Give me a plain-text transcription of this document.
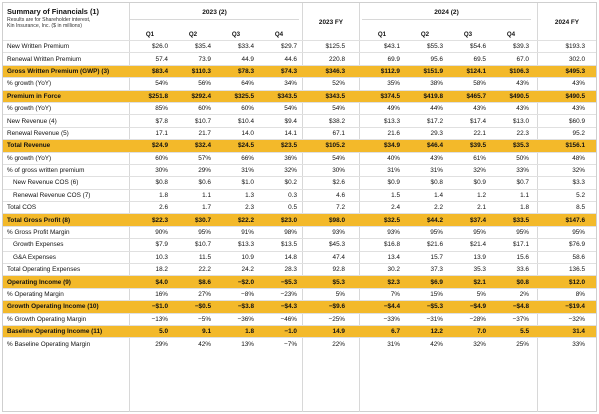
Summary of Financials (1)
Results are for Shareholder interest,
Kin Insurance, Inc. ($ in millions)
2023 (2)	2024 (2)
2023 FY	2024 FY
Q1	Q2	Q3	Q4	Q1	Q2	Q3	Q4
New Written Premium	$26.0	$35.4	$33.4	$29.7	$125.5	$43.1	$55.3	$54.6	$39.3	$193.3
Renewal Written Premium	57.4	73.9	44.9	44.6	220.8	69.9	95.6	69.5	67.0	302.0
Gross Written Premium (GWP) (3)	$83.4	$110.3	$78.3	$74.3	$346.3	$112.9	$151.9	$124.1	$106.3	$495.3
% growth (YoY)	54%	56%	64%	34%	52%	35%	38%	58%	43%	43%
Premium in Force	$251.8	$292.4	$325.5	$343.5	$343.5	$374.5	$419.8	$465.7	$490.5	$490.5
% growth (YoY)	85%	60%	60%	54%	54%	49%	44%	43%	43%	43%
New Revenue (4)	$7.8	$10.7	$10.4	$9.4	$38.2	$13.3	$17.2	$17.4	$13.0	$60.9
Renewal Revenue (5)	17.1	21.7	14.0	14.1	67.1	21.6	29.3	22.1	22.3	95.2
Total Revenue	$24.9	$32.4	$24.5	$23.5	$105.2	$34.9	$46.4	$39.5	$35.3	$156.1
% growth (YoY)	60%	57%	66%	36%	54%	40%	43%	61%	50%	48%
% of gross written premium	30%	29%	31%	32%	30%	31%	31%	32%	33%	32%
New Revenue COS (6)	$0.8	$0.6	$1.0	$0.2	$2.6	$0.9	$0.8	$0.9	$0.7	$3.3
Renewal Revenue COS (7)	1.8	1.1	1.3	0.3	4.6	1.5	1.4	1.2	1.1	5.2
Total COS	2.6	1.7	2.3	0.5	7.2	2.4	2.2	2.1	1.8	8.5
Total Gross Profit (8)	$22.3	$30.7	$22.2	$23.0	$98.0	$32.5	$44.2	$37.4	$33.5	$147.6
% Gross Profit Margin	90%	95%	91%	98%	93%	93%	95%	95%	95%	95%
Growth Expenses	$7.9	$10.7	$13.3	$13.5	$45.3	$16.8	$21.6	$21.4	$17.1	$76.9
G&A Expenses	10.3	11.5	10.9	14.8	47.4	13.4	15.7	13.9	15.6	58.6
Total Operating Expenses	18.2	22.2	24.2	28.3	92.8	30.2	37.3	35.3	33.6	136.5
Operating Income (9)	$4.0	$8.6	−$2.0	−$5.3	$5.3	$2.3	$6.9	$2.1	$0.8	$12.0
% Operating Margin	16%	27%	−8%	−23%	5%	7%	15%	5%	2%	8%
Growth Operating Income (10)	−$1.0	−$0.5	−$3.8	−$4.3	−$9.6	−$4.4	−$5.3	−$4.9	−$4.8	−$19.4
% Growth Operating Margin	−13%	−5%	−36%	−46%	−25%	−33%	−31%	−28%	−37%	−32%
Baseline Operating Income (11)	5.0	9.1	1.8	−1.0	14.9	6.7	12.2	7.0	5.5	31.4
% Baseline Operating Margin	29%	42%	13%	−7%	22%	31%	42%	32%	25%	33%
